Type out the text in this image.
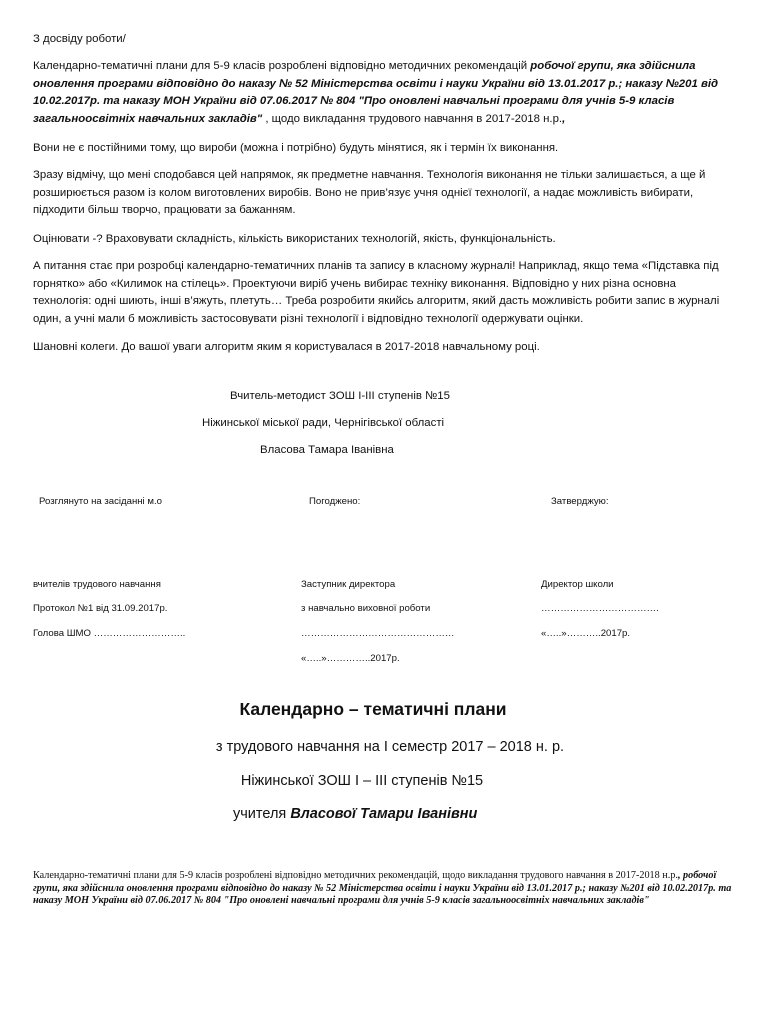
З досвіду роботи/

Календарно-тематичні плани для 5-9 класів розроблені відповідно методичних рекомендацій робочої групи, яка здійснила оновлення програми відповідно до наказу № 52 Міністерства освіти і науки України від 13.01.2017 р.; наказу №201 від 10.02.2017р. та наказу МОН України від 07.06.2017 № 804 "Про оновлені навчальні програми для учнів 5-9 класів загальноосвітніх навчальних закладів" , щодо викладання трудового навчання в 2017-2018 н.р.,

Вони не є постійними тому, що вироби (можна і потрібно) будуть мінятися, як і термін їх виконання.

Зразу відмічу, що мені сподобався цей напрямок, як предметне навчання. Технологія виконання не тільки залишається, а ще й розширюється разом із колом виготовлених виробів. Воно не прив’язує учня однієї технології, а надає можливість вибирати, підходити більш творчо, працювати за бажанням.

Оцінювати -? Враховувати складність, кількість використаних технологій, якість, функціональність.

А питання стає при розробці календарно-тематичних планів та запису в класному журналі! Наприклад, якщо тема «Підставка під горнятко» або «Килимок на стілець». Проектуючи виріб учень вибирає техніку виконання. Відповідно у них різна основна технологія: одні шиють, інші в’яжуть, плетуть… Треба розробити якийсь алгоритм, який дасть можливість робити запис в журналі один, а учні мали б можливість застосовувати різні технології і відповідно технології одержувати оцінки.

Шановні колеги. До вашої уваги алгоритм яким я користувалася в 2017-2018 навчальному році.

Вчитель-методист ЗОШ І-ІІІ ступенів №15

Ніжинської міської ради, Чернігівської області

Власова Тамара Іванівна

Розглянуто на засіданні м.о	Погоджено:	Затверджую:

вчителів трудового навчання

Протокол №1 від 31.09.2017р.

Голова ШМО ………………………..

Заступник директора

з навчально виховної роботи

…………………………………………

«…..»…………..2017р.

Директор школи

……………………………….

«…..»………..2017р.

Календарно – тематичні плани

з трудового навчання на І семестр 2017 – 2018 н. р.

Ніжинської ЗОШ І – ІІІ ступенів №15

учителя Власової Тамари Іванівни

Календарно-тематичні плани для 5-9 класів розроблені відповідно методичних рекомендацій, щодо викладання трудового навчання в 2017-2018 н.р., робочої групи, яка здійснила оновлення програми відповідно до наказу № 52 Міністерства освіти і науки України від 13.01.2017 р.; наказу №201 від 10.02.2017р. та наказу МОН України від 07.06.2017 № 804 "Про оновлені навчальні програми для учнів 5-9 класів загальноосвітніх навчальних закладів"
